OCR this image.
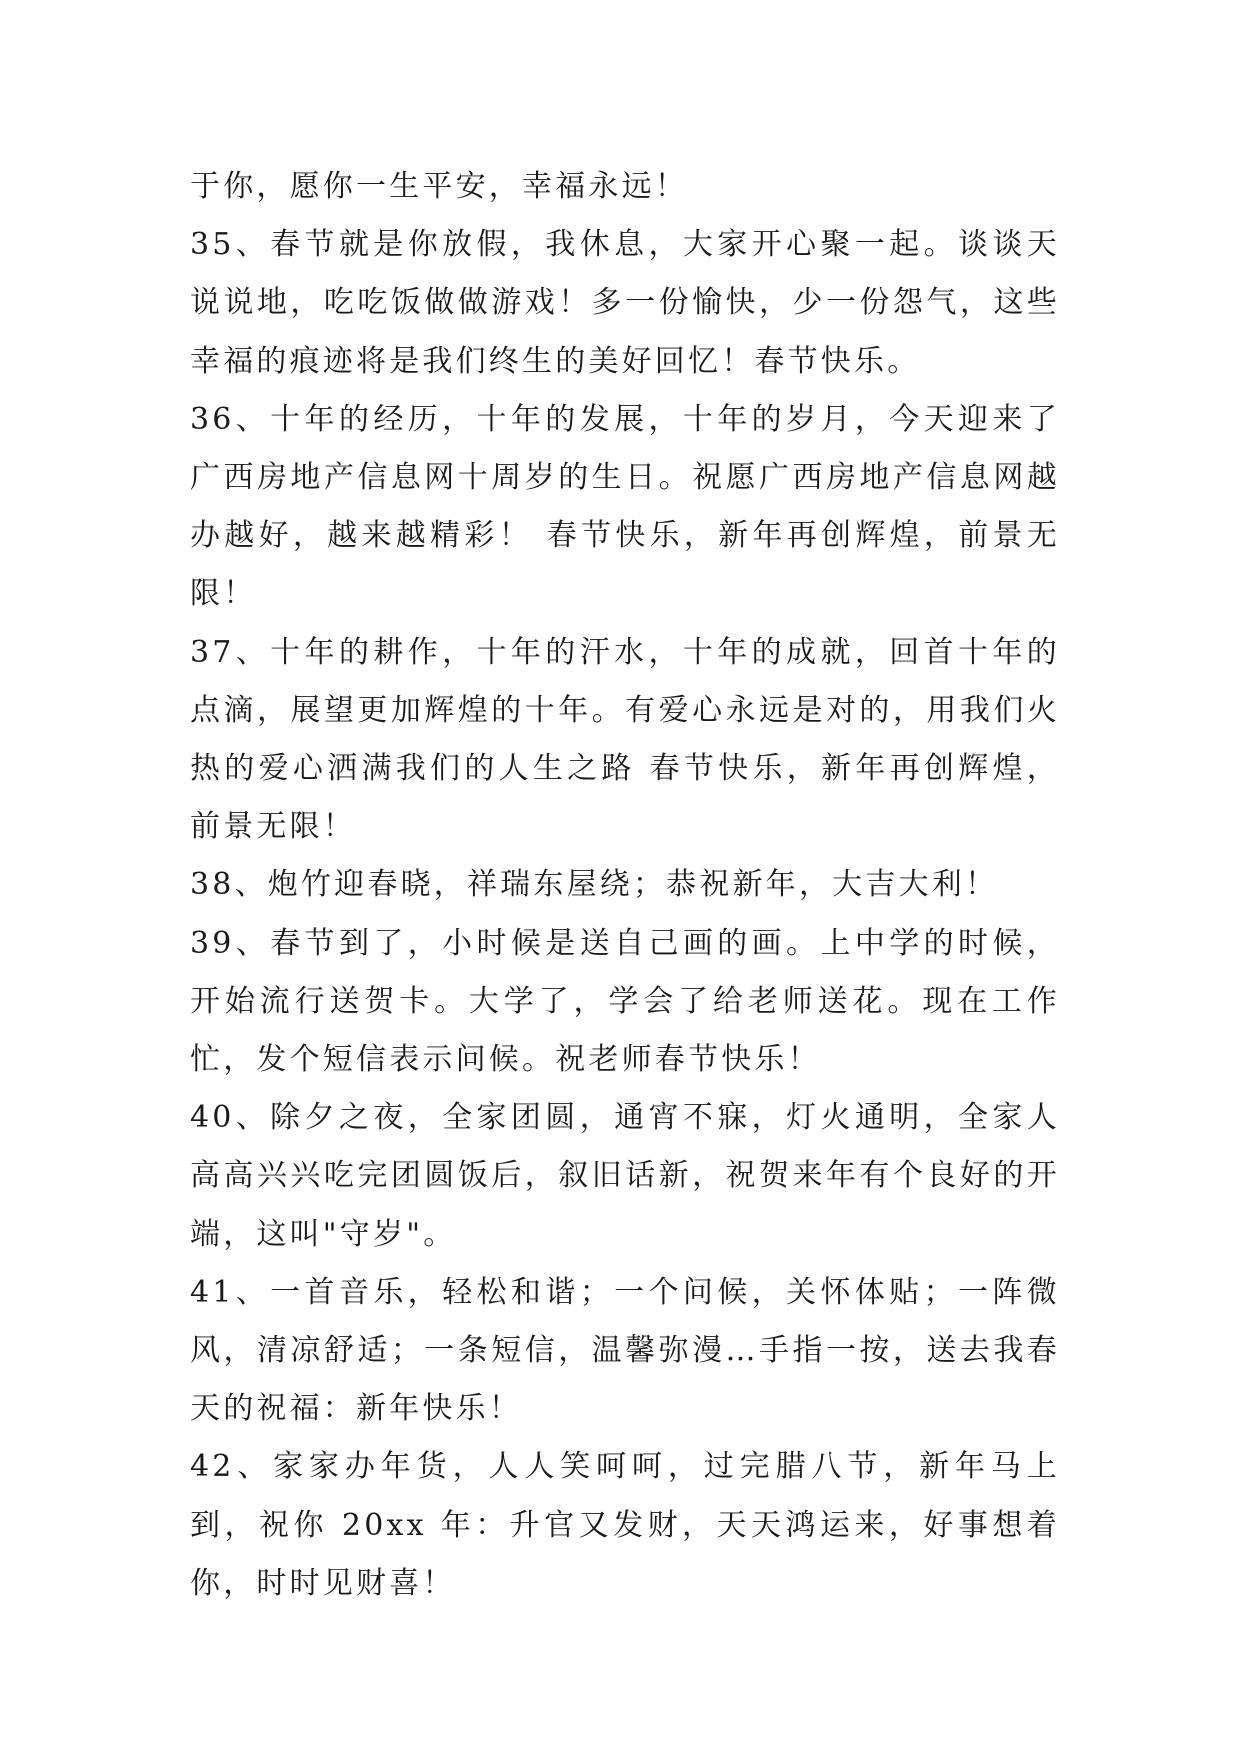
于你，愿你一生平安，幸福永远！

35、春节就是你放假，我休息，大家开心聚一起。谈谈天说说地，吃吃饭做做游戏！多一份愉快，少一份怨气，这些幸福的痕迹将是我们终生的美好回忆！春节快乐。

36、十年的经历，十年的发展，十年的岁月，今天迎来了广西房地产信息网十周岁的生日。祝愿广西房地产信息网越办越好，越来越精彩！ 春节快乐，新年再创辉煌，前景无限！

37、十年的耕作，十年的汗水，十年的成就，回首十年的点滴，展望更加辉煌的十年。有爱心永远是对的，用我们火热的爱心洒满我们的人生之路 春节快乐，新年再创辉煌，前景无限！

38、炮竹迎春晓，祥瑞东屋绕；恭祝新年，大吉大利！

39、春节到了，小时候是送自己画的画。上中学的时候，开始流行送贺卡。大学了，学会了给老师送花。现在工作忙，发个短信表示问候。祝老师春节快乐！

40、除夕之夜，全家团圆，通宵不寐，灯火通明，全家人高高兴兴吃完团圆饭后，叙旧话新，祝贺来年有个良好的开端，这叫"守岁"。

41、一首音乐，轻松和谐；一个问候，关怀体贴；一阵微风，清凉舒适；一条短信，温馨弥漫…手指一按，送去我春天的祝福：新年快乐！

42、家家办年货，人人笑呵呵，过完腊八节，新年马上到，祝你 20xx 年：升官又发财，天天鸿运来，好事想着你，时时见财喜！
